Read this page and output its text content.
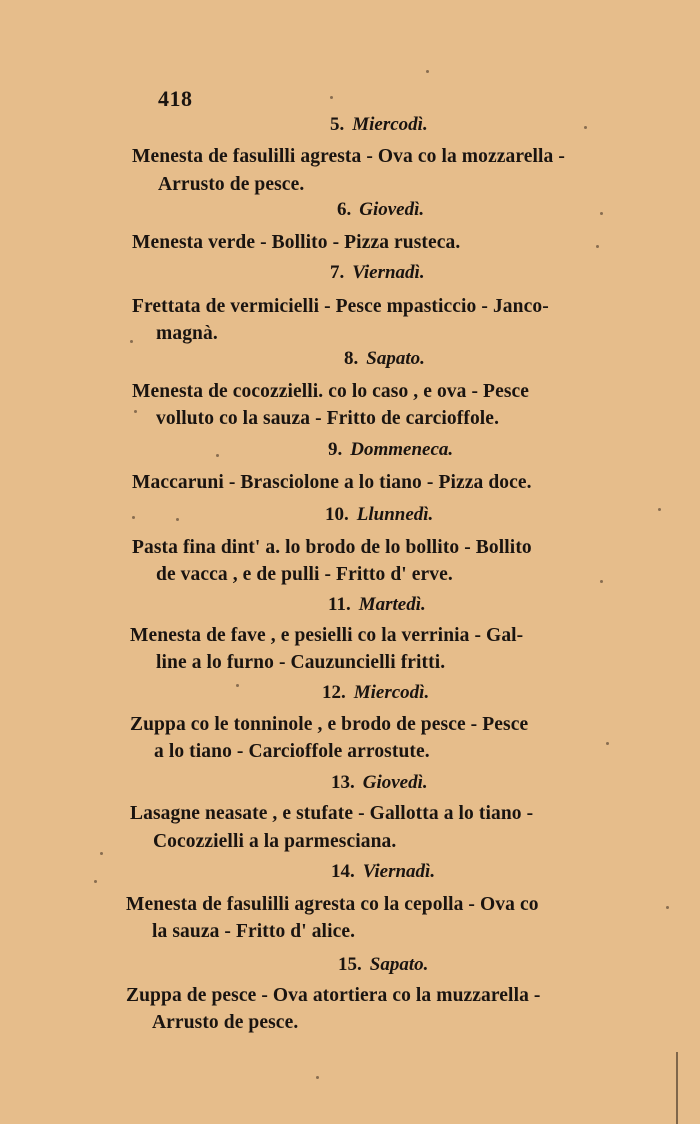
418
5. Miercodì.
Menesta de fasulilli agresta - Ova co la mozzarella -
Arrusto de pesce.
6. Giovedì.
Menesta verde - Bollito - Pizza rusteca.
7. Viernadì.
Frettata de vermicielli - Pesce mpasticcio - Janco-
magnà.
8. Sapato.
Menesta de cocozzielli. co lo caso , e ova - Pesce
volluto co la sauza - Fritto de carcioffole.
9. Dommeneca.
Maccaruni - Brasciolone a lo tiano - Pizza doce.
10. Llunnedì.
Pasta fina dint' a. lo brodo de lo bollito - Bollito
de vacca , e de pulli - Fritto d' erve.
11. Martedì.
Menesta de fave , e pesielli co la verrinia - Gal-
line a lo furno - Cauzuncielli fritti.
12. Miercodì.
Zuppa co le tonninole , e brodo de pesce - Pesce
a lo tiano - Carcioffole arrostute.
13. Giovedì.
Lasagne neasate , e stufate - Gallotta a lo tiano -
Cocozzielli a la parmesciana.
14. Viernadì.
Menesta de fasulilli agresta co la cepolla - Ova co
la sauza - Fritto d' alice.
15. Sapato.
Zuppa de pesce - Ova atortiera co la muzzarella -
Arrusto de pesce.
